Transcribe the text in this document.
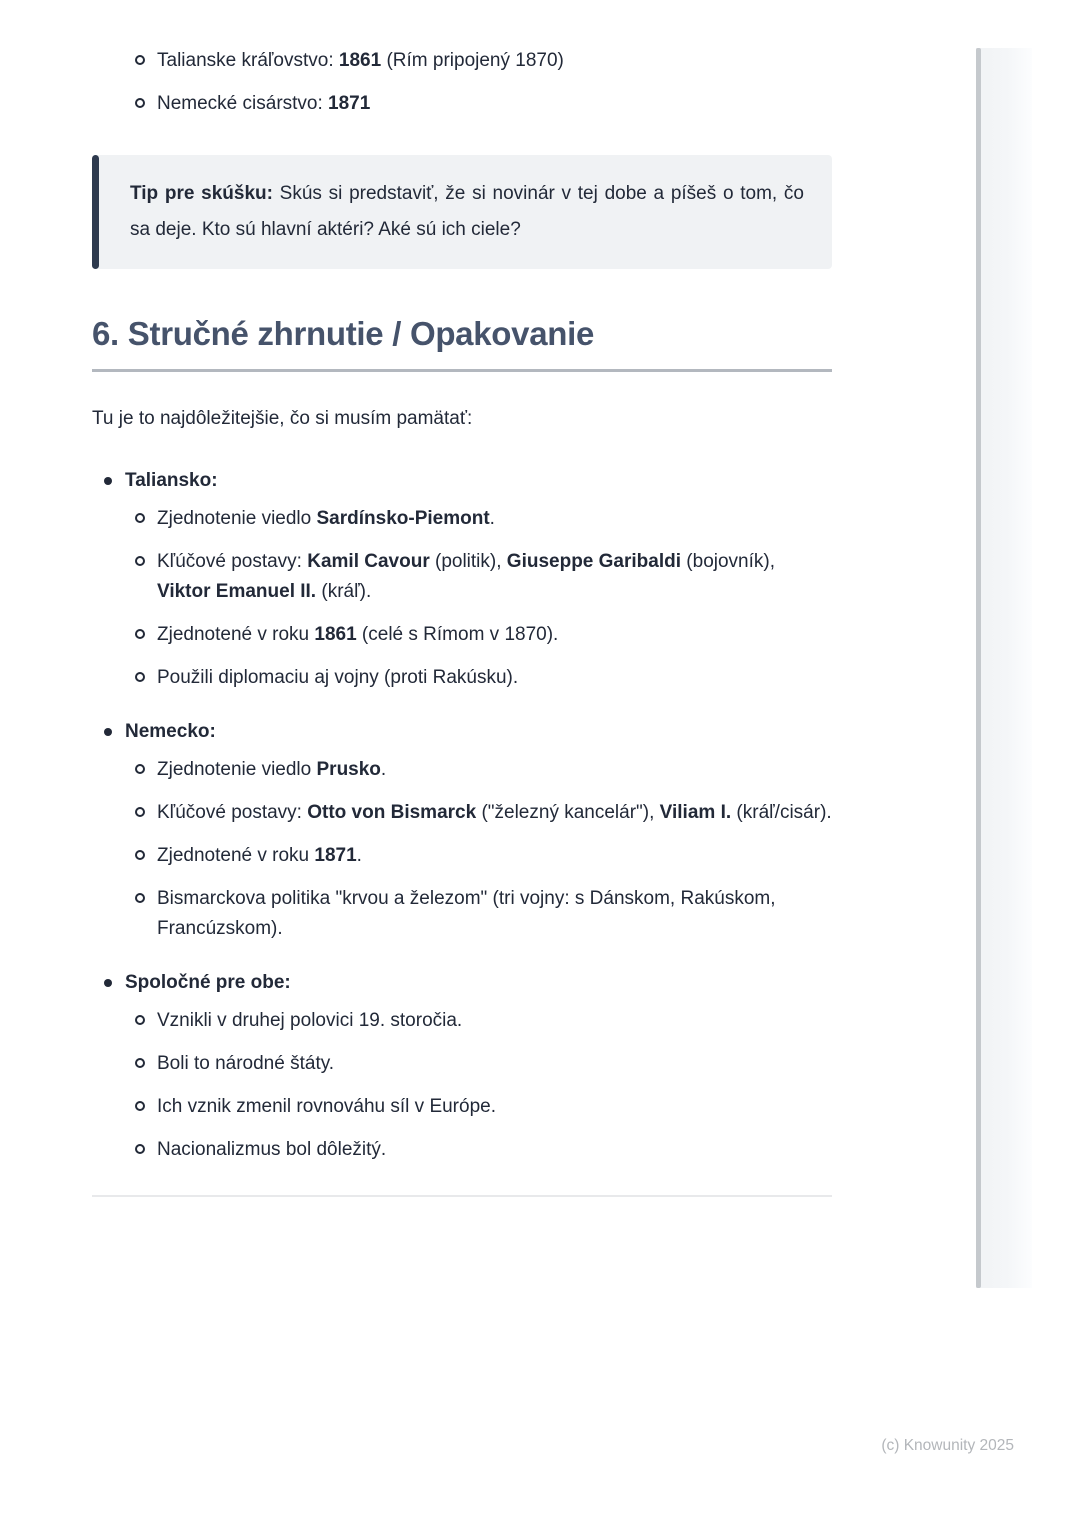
Talianske kráľovstvo: 1861 (Rím pripojený 1870)
Nemecké cisárstvo: 1871

Tip pre skúšku: Skús si predstaviť, že si novinár v tej dobe a píšeš o tom, čo sa deje. Kto sú hlavní aktéri? Aké sú ich ciele?

6. Stručné zhrnutie / Opakovanie

Tu je to najdôležitejšie, čo si musím pamätať:

Taliansko:
Zjednotenie viedlo Sardínsko-Piemont.
Kľúčové postavy: Kamil Cavour (politik), Giuseppe Garibaldi (bojovník), Viktor Emanuel II. (kráľ).
Zjednotené v roku 1861 (celé s Rímom v 1870).
Použili diplomaciu aj vojny (proti Rakúsku).
Nemecko:
Zjednotenie viedlo Prusko.
Kľúčové postavy: Otto von Bismarck ("železný kancelár"), Viliam I. (kráľ/cisár).
Zjednotené v roku 1871.
Bismarckova politika "krvou a železom" (tri vojny: s Dánskom, Rakúskom, Francúzskom).
Spoločné pre obe:
Vznikli v druhej polovici 19. storočia.
Boli to národné štáty.
Ich vznik zmenil rovnováhu síl v Európe.
Nacionalizmus bol dôležitý.
(c) Knowunity 2025
